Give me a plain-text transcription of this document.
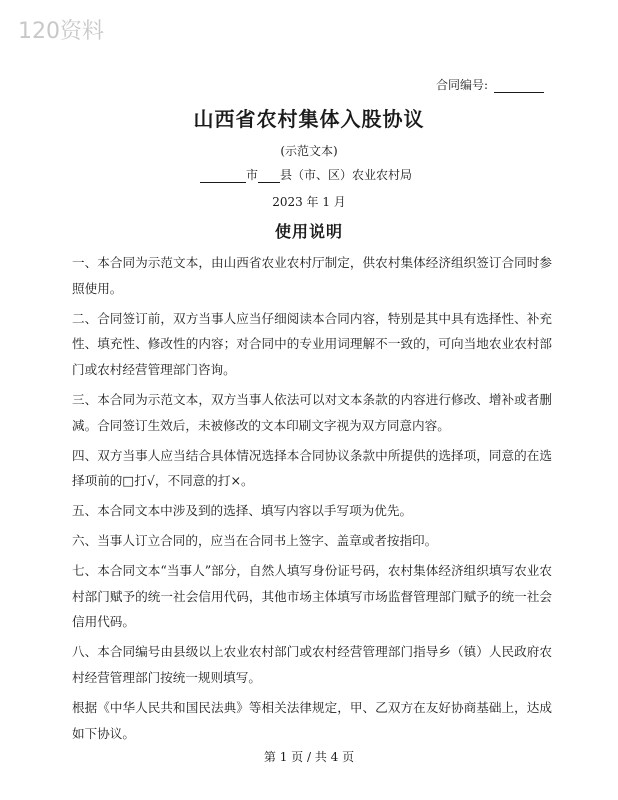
120资料
合同编号:
山西省农村集体入股协议
(示范文本)
市 县（市、区）农业农村局
2023 年 1 月
使用说明

一、本合同为示范文本，由山西省农业农村厅制定，供农村集体经济组织签订合同时参照使用。

二、合同签订前，双方当事人应当仔细阅读本合同内容，特别是其中具有选择性、补充性、填充性、修改性的内容；对合同中的专业用词理解不一致的，可向当地农业农村部门或农村经营管理部门咨询。

三、本合同为示范文本，双方当事人依法可以对文本条款的内容进行修改、增补或者删减。合同签订生效后，未被修改的文本印刷文字视为双方同意内容。

四、双方当事人应当结合具体情况选择本合同协议条款中所提供的选择项，同意的在选择项前的□打√，不同意的打×。

五、本合同文本中涉及到的选择、填写内容以手写项为优先。

六、当事人订立合同的，应当在合同书上签字、盖章或者按指印。

七、本合同文本“当事人”部分，自然人填写身份证号码，农村集体经济组织填写农业农村部门赋予的统一社会信用代码，其他市场主体填写市场监督管理部门赋予的统一社会信用代码。

八、本合同编号由县级以上农业农村部门或农村经营管理部门指导乡（镇）人民政府农村经营管理部门按统一规则填写。

根据《中华人民共和国民法典》等相关法律规定，甲、乙双方在友好协商基础上，达成如下协议。

第 1 页 / 共 4 页
